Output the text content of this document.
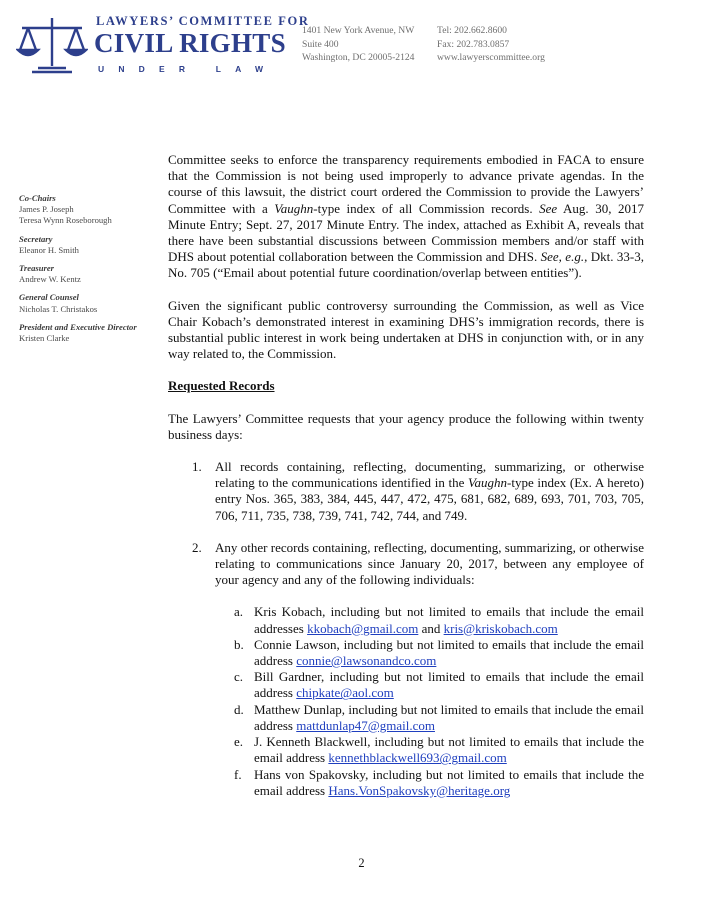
LAWYERS’ COMMITTEE FOR
CIVIL RIGHTS
UNDER LAW
1401 New York Avenue, NW
Suite 400
Washington, DC 20005-2124
Tel: 202.662.8600
Fax: 202.783.0857
www.lawyerscommittee.org
Co-Chairs
James P. Joseph
Teresa Wynn Roseborough
Secretary
Eleanor H. Smith
Treasurer
Andrew W. Kentz
General Counsel
Nicholas T. Christakos
President and Executive Director
Kristen Clarke

Committee seeks to enforce the transparency requirements embodied in FACA to ensure that the Commission is not being used improperly to advance private agendas. In the course of this lawsuit, the district court ordered the Commission to provide the Lawyers’ Committee with a Vaughn-type index of all Commission records. See Aug. 30, 2017 Minute Entry; Sept. 27, 2017 Minute Entry. The index, attached as Exhibit A, reveals that there have been substantial discussions between Commission members and/or staff with DHS about potential collaboration between the Commission and DHS. See, e.g., Dkt. 33-3, No. 705 (“Email about potential future coordination/overlap between entities”).

Given the significant public controversy surrounding the Commission, as well as Vice Chair Kobach’s demonstrated interest in examining DHS’s immigration records, there is substantial public interest in work being undertaken at DHS in conjunction with, or in any way related to, the Commission.

Requested Records

The Lawyers’ Committee requests that your agency produce the following within twenty business days:

1. All records containing, reflecting, documenting, summarizing, or otherwise relating to the communications identified in the Vaughn-type index (Ex. A hereto) entry Nos. 365, 383, 384, 445, 447, 472, 475, 681, 682, 689, 693, 701, 703, 705, 706, 711, 735, 738, 739, 741, 742, 744, and 749.
2. Any other records containing, reflecting, documenting, summarizing, or otherwise relating to communications since January 20, 2017, between any employee of your agency and any of the following individuals:
a. Kris Kobach, including but not limited to emails that include the email addresses kkobach@gmail.com and kris@kriskobach.com
b. Connie Lawson, including but not limited to emails that include the email address connie@lawsonandco.com
c. Bill Gardner, including but not limited to emails that include the email address chipkate@aol.com
d. Matthew Dunlap, including but not limited to emails that include the email address mattdunlap47@gmail.com
e. J. Kenneth Blackwell, including but not limited to emails that include the email address kennethblackwell693@gmail.com
f. Hans von Spakovsky, including but not limited to emails that include the email address Hans.VonSpakovsky@heritage.org
2
